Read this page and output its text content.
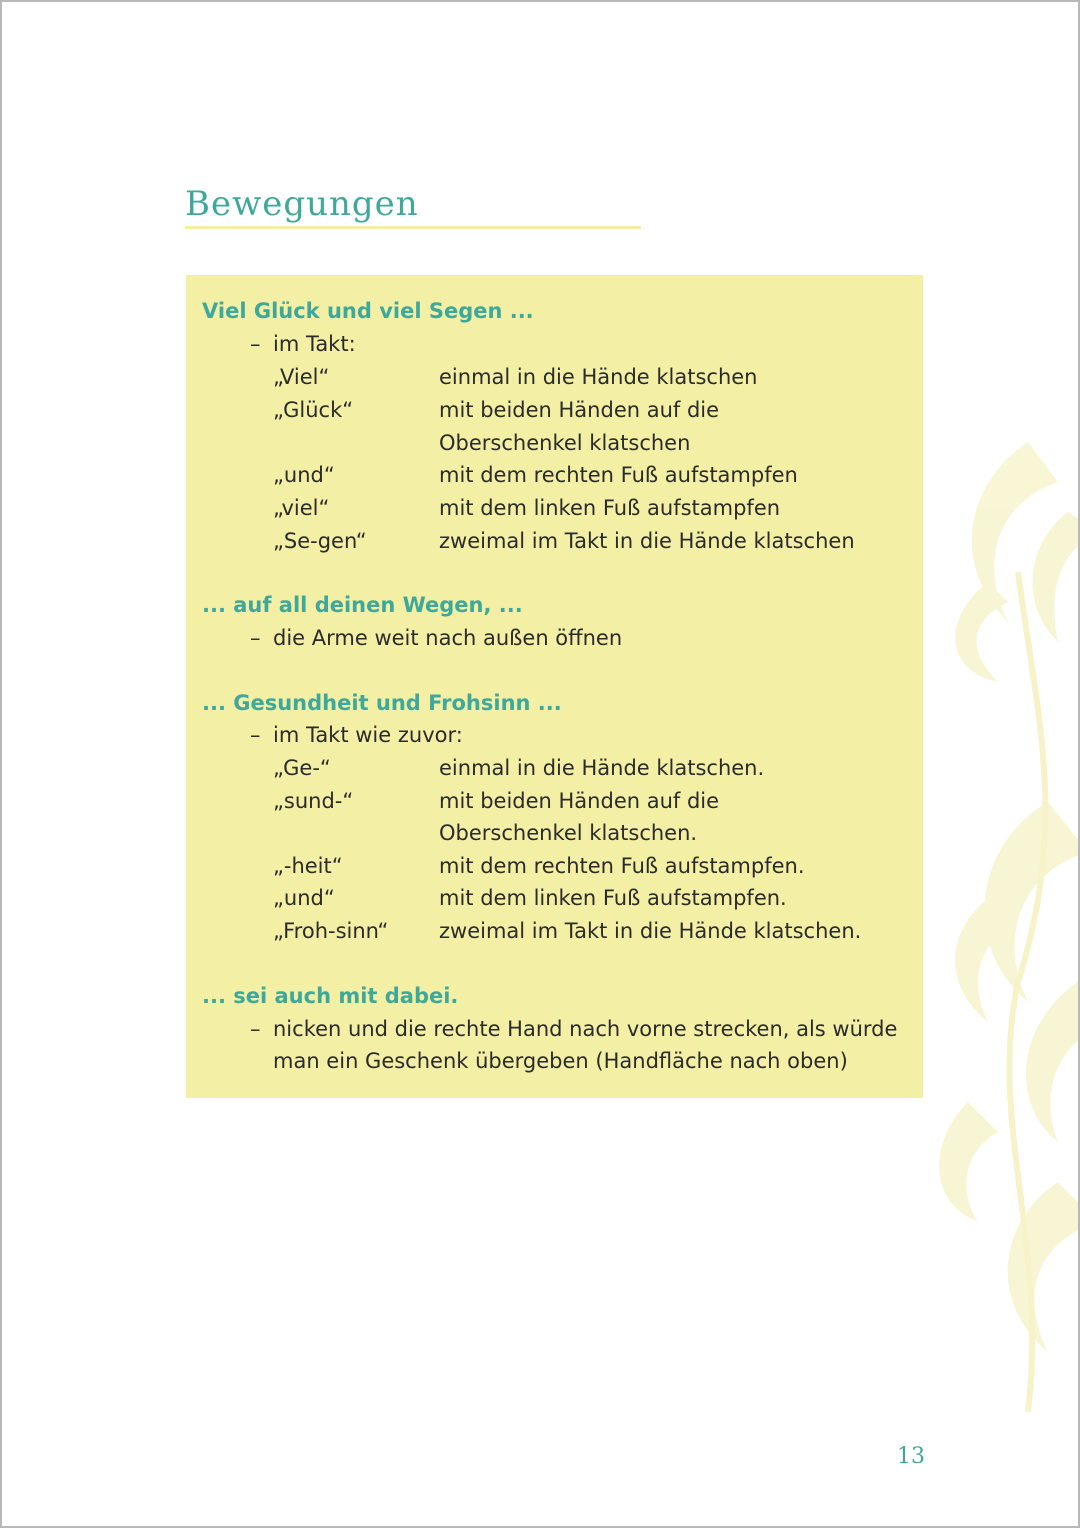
Bewegungen
Viel Glück und viel Segen ...
– im Takt:
„Viel“	einmal in die Hände klatschen
„Glück“	mit beiden Händen auf die
Oberschenkel klatschen
„und“	mit dem rechten Fuß aufstampfen
„viel“	mit dem linken Fuß aufstampfen
„Se-gen“	zweimal im Takt in die Hände klatschen
... auf all deinen Wegen, ...
– die Arme weit nach außen öffnen
... Gesundheit und Frohsinn ...
– im Takt wie zuvor:
„Ge-“	einmal in die Hände klatschen.
„sund-“	mit beiden Händen auf die
Oberschenkel klatschen.
„-heit“	mit dem rechten Fuß aufstampfen.
„und“	mit dem linken Fuß aufstampfen.
„Froh-sinn“ zweimal im Takt in die Hände klatschen.
... sei auch mit dabei.
– nicken und die rechte Hand nach vorne strecken, als würde
man ein Geschenk übergeben (Handfläche nach oben)
13
